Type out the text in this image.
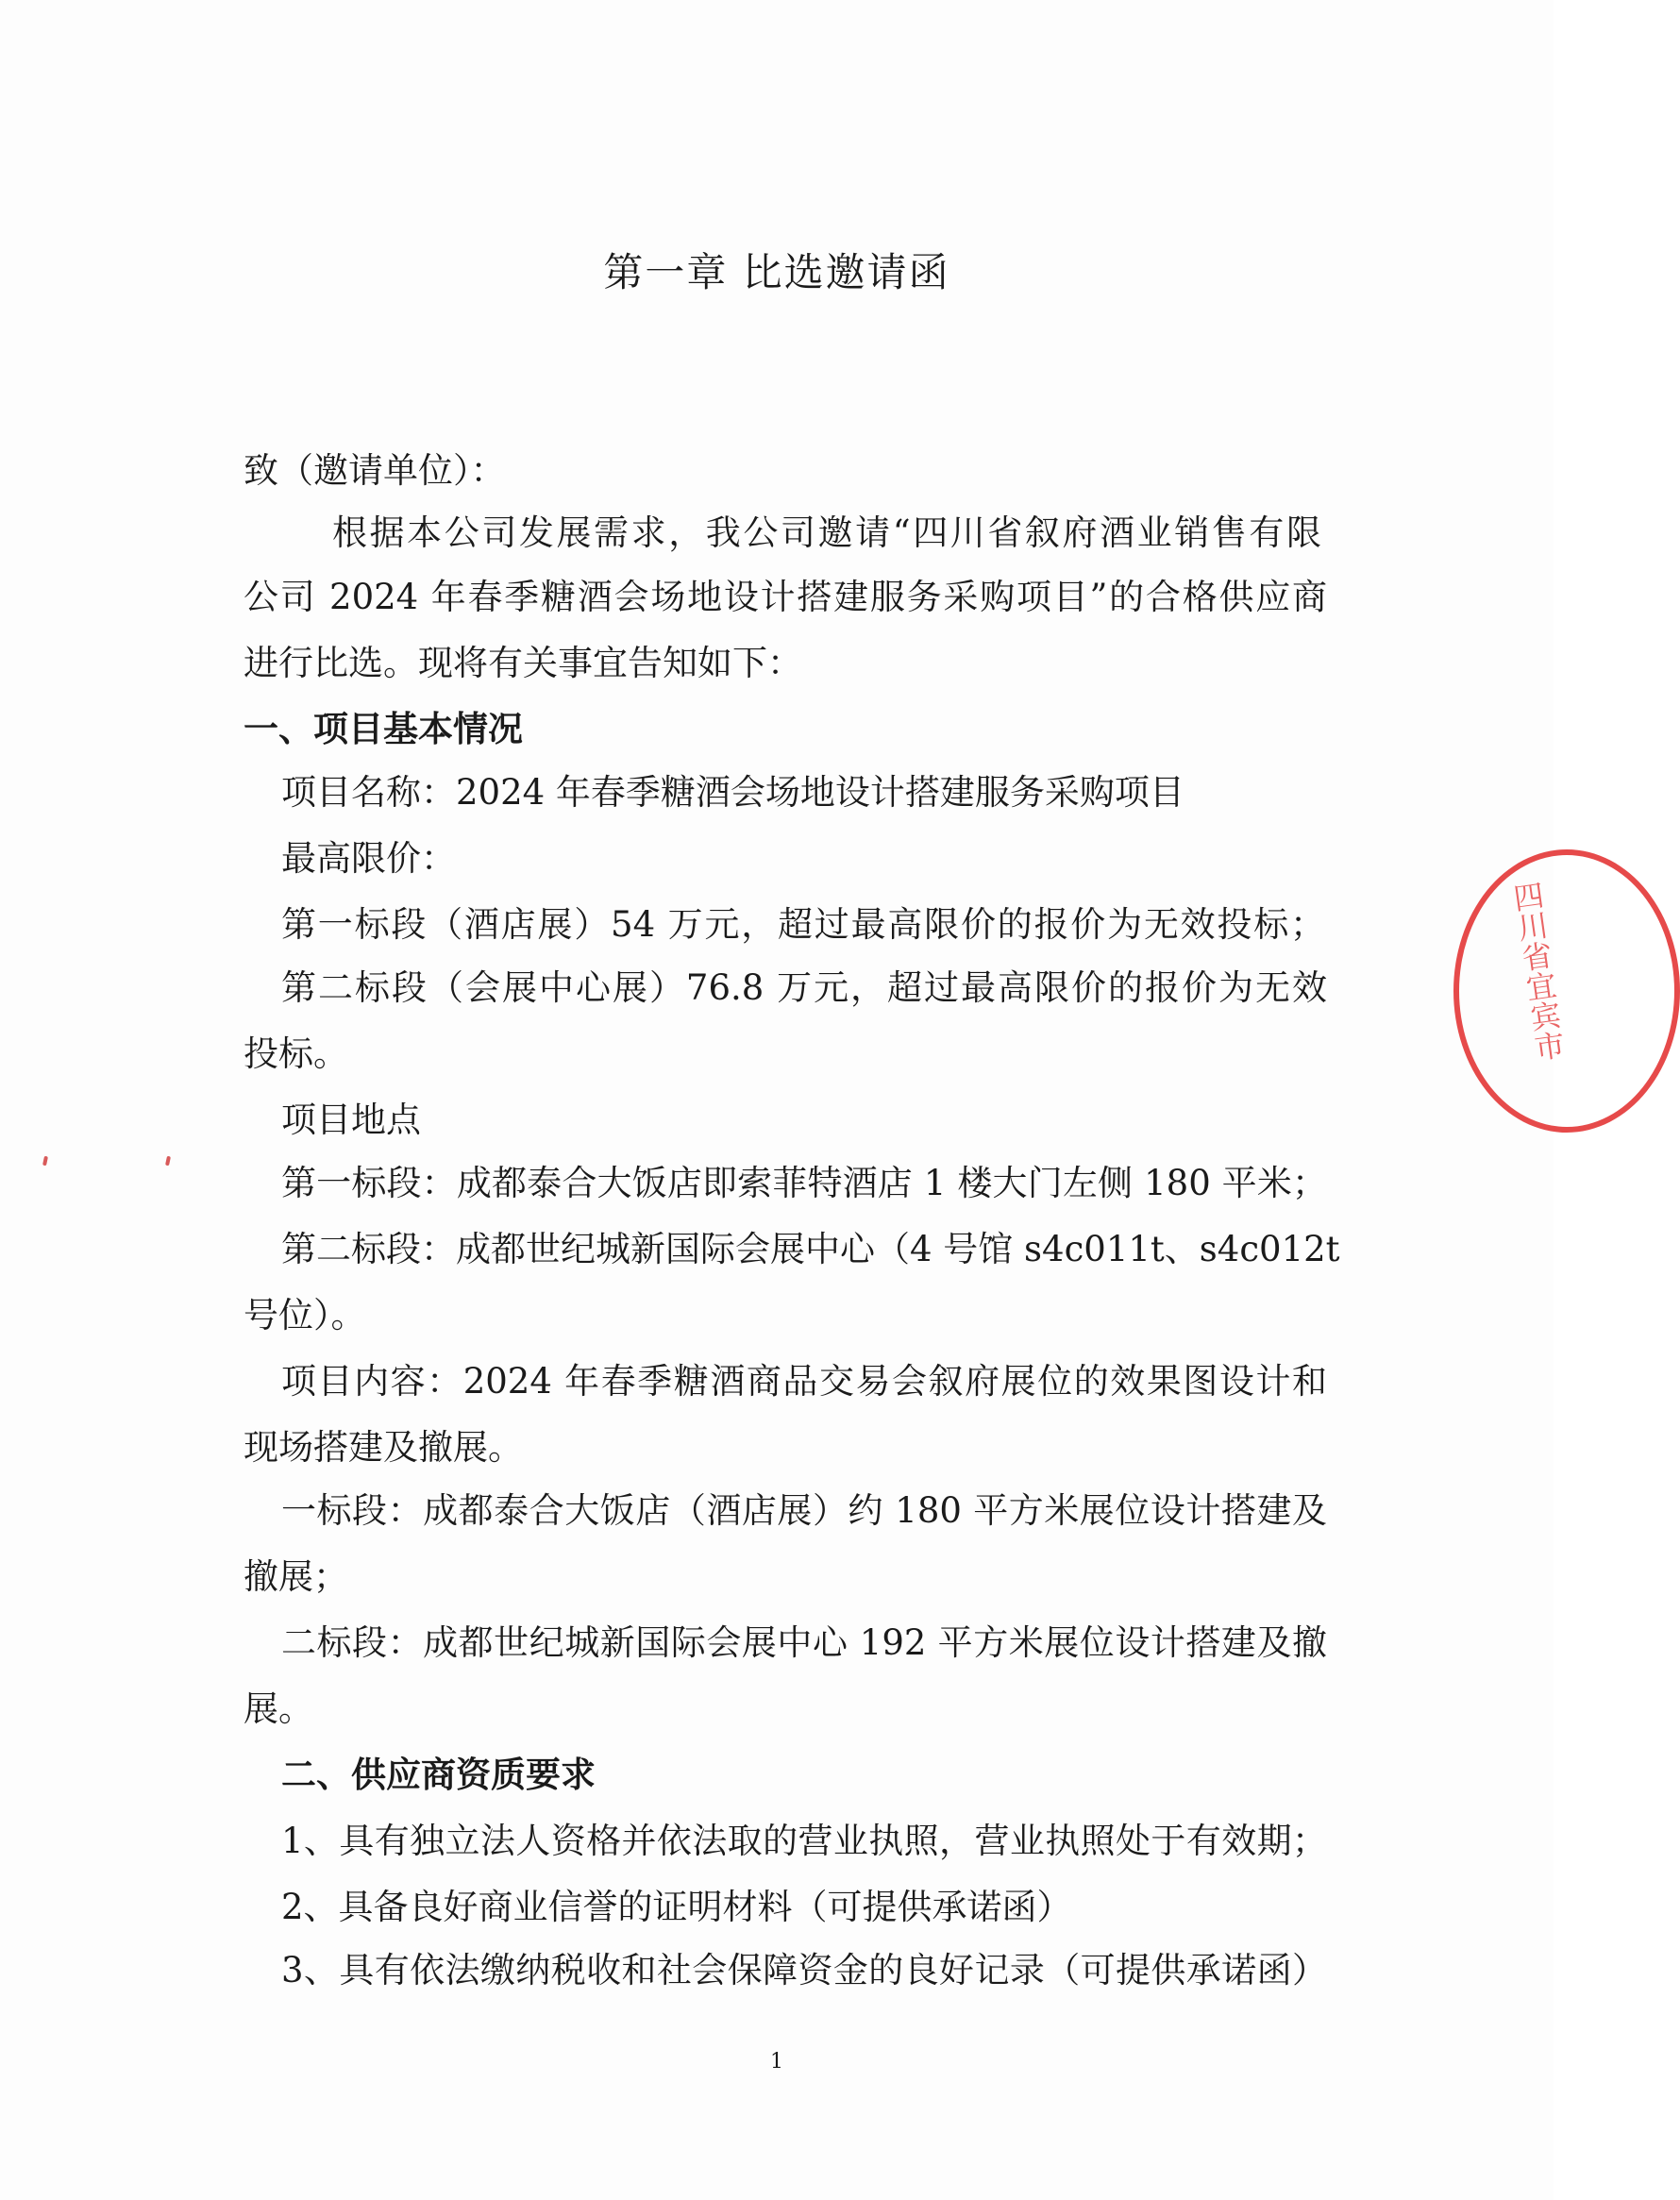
第一章 比选邀请函

致（邀请单位）：

根据本公司发展需求，我公司邀请“四川省叙府酒业销售有限

公司 2024 年春季糖酒会场地设计搭建服务采购项目”的合格供应商

进行比选。现将有关事宜告知如下：

一、项目基本情况

项目名称：2024 年春季糖酒会场地设计搭建服务采购项目

最高限价：

第一标段（酒店展）54 万元，超过最高限价的报价为无效投标；

第二标段（会展中心展）76.8 万元，超过最高限价的报价为无效

投标。

项目地点

第一标段：成都泰合大饭店即索菲特酒店 1 楼大门左侧 180 平米；

第二标段：成都世纪城新国际会展中心（4 号馆 s4c011t、s4c012t

号位）。

项目内容：2024 年春季糖酒商品交易会叙府展位的效果图设计和

现场搭建及撤展。

一标段：成都泰合大饭店（酒店展）约 180 平方米展位设计搭建及

撤展；

二标段：成都世纪城新国际会展中心 192 平方米展位设计搭建及撤

展。

二、供应商资质要求

1、具有独立法人资格并依法取的营业执照，营业执照处于有效期；

2、具备良好商业信誉的证明材料（可提供承诺函）

3、具有依法缴纳税收和社会保障资金的良好记录（可提供承诺函）

1
四川省宜宾市
